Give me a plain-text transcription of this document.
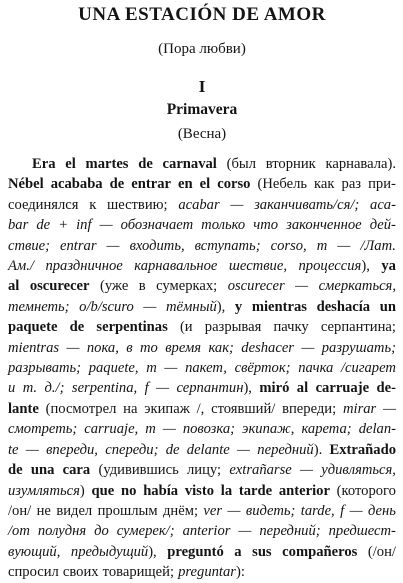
UNA ESTACIÓN DE AMOR
(Пора любви)
I
Primavera
(Весна)
Era el martes de carnaval (был вторник карнавала).
Nébel acababa de entrar en el corso (Небель как раз при-
соединялся к шествию; acabar — заканчивать/ся/; aca-
bar de + inf — обозначает только что законченное дей-
ствие; entrar — входить, вступать; corso, m — /Лат.
Ам./ праздничное карнавальное шествие, процессия), ya
al oscurecer (уже в сумерках; oscurecer — смеркаться,
темнеть; o/b/scuro — тёмный), y mientras deshacía un
paquete de serpentinas (и разрывая пачку серпантина;
mientras — пока, в то время как; deshacer — разрушать;
разрывать; paquete, m — пакет, свёрток; пачка /сигарет
и т. д./; serpentina, f — серпантин), miró al carruaje de-
lante (посмотрел на экипаж /, стоявший/ впереди; mirar —
смотреть; carruaje, m — повозка; экипаж, карета; delan-
te — впереди, спереди; de delante — передний). Extrañado
de una cara (удивившись лицу; extrañarse — удивляться,
изумляться) que no había visto la tarde anterior (которого
/он/ не видел прошлым днём; ver — видеть; tarde, f — день
/от полудня до сумерек/; anterior — передний; предшест-
вующий, предыдущий), preguntó a sus compañeros (/он/
спросил своих товарищей; preguntar):
